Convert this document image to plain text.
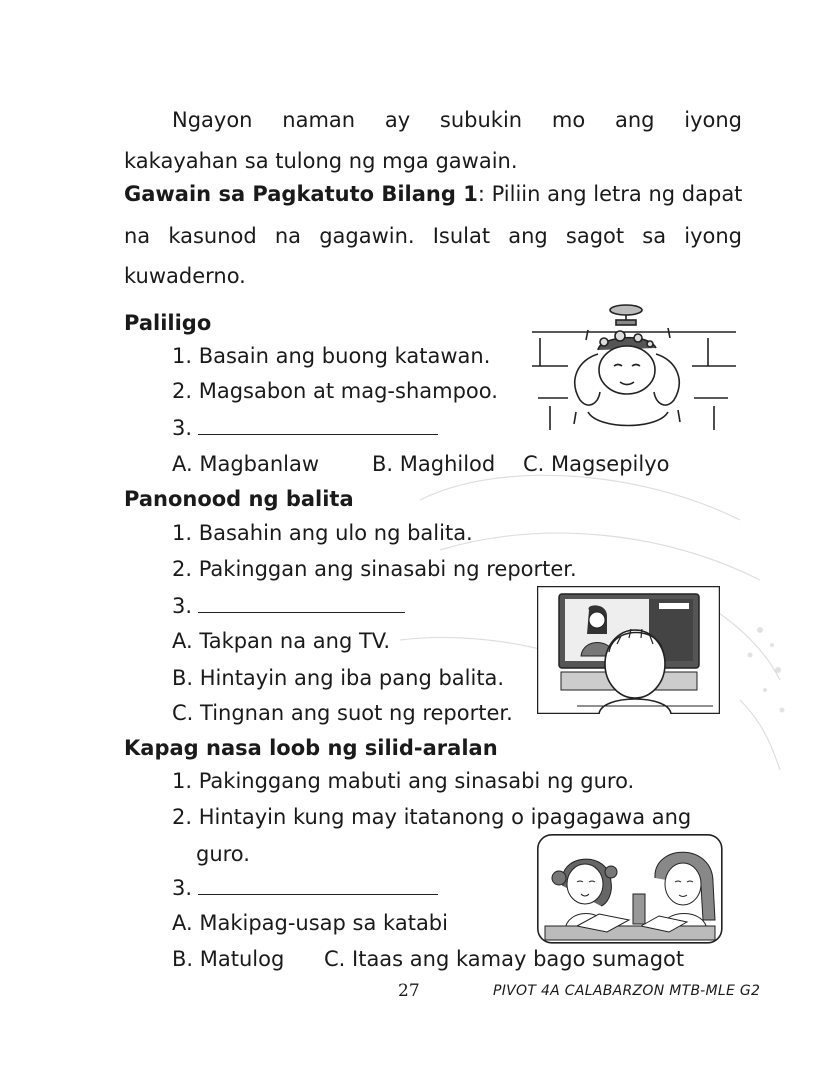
Ngayon naman ay subukin mo ang iyong
kakayahan sa tulong ng mga gawain.
Gawain sa Pagkatuto Bilang 1: Piliin ang letra ng dapat
na kasunod na gagawin. Isulat ang sagot sa iyong
kuwaderno.
Paliligo
1. Basain ang buong katawan.
2. Magsabon at mag-shampoo.
3.
A. Magbanlaw	B. Maghilod C. Magsepilyo
Panonood ng balita
1. Basahin ang ulo ng balita.
2. Pakinggan ang sinasabi ng reporter.
3.
A. Takpan na ang TV.
B. Hintayin ang iba pang balita.
C. Tingnan ang suot ng reporter.
Kapag nasa loob ng silid-aralan
1. Pakinggang mabuti ang sinasabi ng guro.
2. Hintayin kung may itatanong o ipagagawa ang
guro.
3.
A. Makipag-usap sa katabi
B. Matulog C. Itaas ang kamay bago sumagot
27	PIVOT 4A CALABARZON MTB-MLE G2
